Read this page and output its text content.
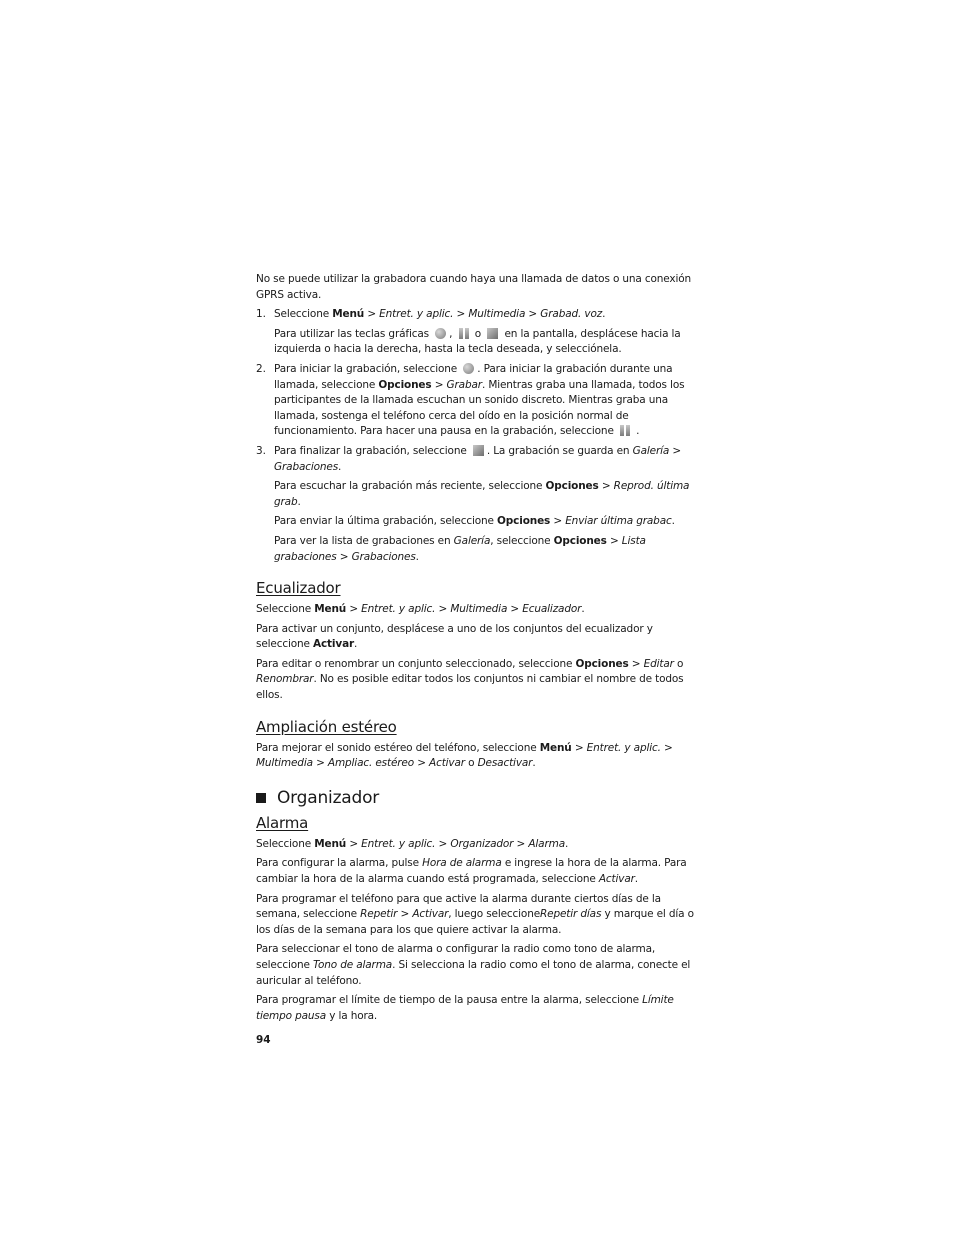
No se puede utilizar la grabadora cuando haya una llamada de datos o una conexión GPRS activa.

1. Seleccione Menú > Entret. y aplic. > Multimedia > Grabad. voz.

Para utilizar las teclas gráficas , o en la pantalla, desplácese hacia la izquierda o hacia la derecha, hasta la tecla deseada, y selecciónela.

2. Para iniciar la grabación, seleccione . Para iniciar la grabación durante una llamada, seleccione Opciones > Grabar. Mientras graba una llamada, todos los participantes de la llamada escuchan un sonido discreto. Mientras graba una llamada, sostenga el teléfono cerca del oído en la posición normal de funcionamiento. Para hacer una pausa en la grabación, seleccione .

3. Para finalizar la grabación, seleccione . La grabación se guarda en Galería > Grabaciones.

Para escuchar la grabación más reciente, seleccione Opciones > Reprod. última grab.

Para enviar la última grabación, seleccione Opciones > Enviar última grabac.

Para ver la lista de grabaciones en Galería, seleccione Opciones > Lista grabaciones > Grabaciones.

Ecualizador

Seleccione Menú > Entret. y aplic. > Multimedia > Ecualizador.

Para activar un conjunto, desplácese a uno de los conjuntos del ecualizador y seleccione Activar.

Para editar o renombrar un conjunto seleccionado, seleccione Opciones > Editar o Renombrar. No es posible editar todos los conjuntos ni cambiar el nombre de todos ellos.

Ampliación estéreo

Para mejorar el sonido estéreo del teléfono, seleccione Menú > Entret. y aplic. > Multimedia > Ampliac. estéreo > Activar o Desactivar.

Organizador
Alarma

Seleccione Menú > Entret. y aplic. > Organizador > Alarma.

Para configurar la alarma, pulse Hora de alarma e ingrese la hora de la alarma. Para cambiar la hora de la alarma cuando está programada, seleccione Activar.

Para programar el teléfono para que active la alarma durante ciertos días de la semana, seleccione Repetir > Activar, luego seleccioneRepetir días y marque el día o los días de la semana para los que quiere activar la alarma.

Para seleccionar el tono de alarma o configurar la radio como tono de alarma, seleccione Tono de alarma. Si selecciona la radio como el tono de alarma, conecte el auricular al teléfono.

Para programar el límite de tiempo de la pausa entre la alarma, seleccione Límite tiempo pausa y la hora.

94
